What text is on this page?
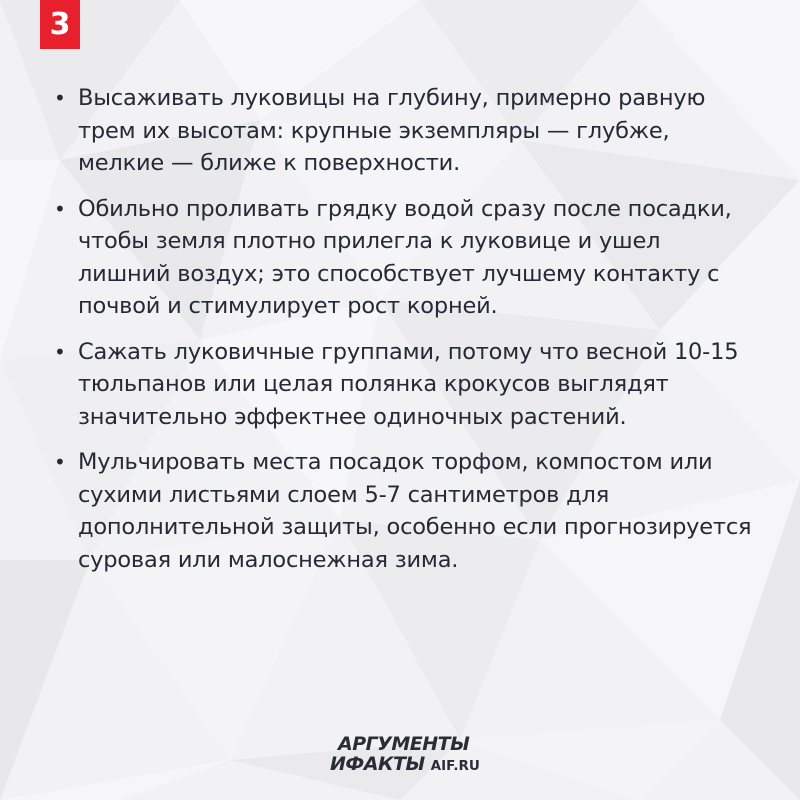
3
• Высаживать луковицы на глубину, примерно равную трем их высотам: крупные экземпляры — глубже, мелкие — ближе к поверхности.
• Обильно проливать грядку водой сразу после посадки, чтобы земля плотно прилегла к луковице и ушел лишний воздух; это способствует лучшему контакту с почвой и стимулирует рост корней.
• Сажать луковичные группами, потому что весной 10-15 тюльпанов или целая полянка крокусов выглядят значительно эффектнее одиночных растений.
• Мульчировать места посадок торфом, компостом или сухими листьями слоем 5-7 сантиметров для дополнительной защиты, особенно если прогнозируется суровая или малоснежная зима.
АРГУМЕНТЫ
ИФАКТЫ AIF.RU
